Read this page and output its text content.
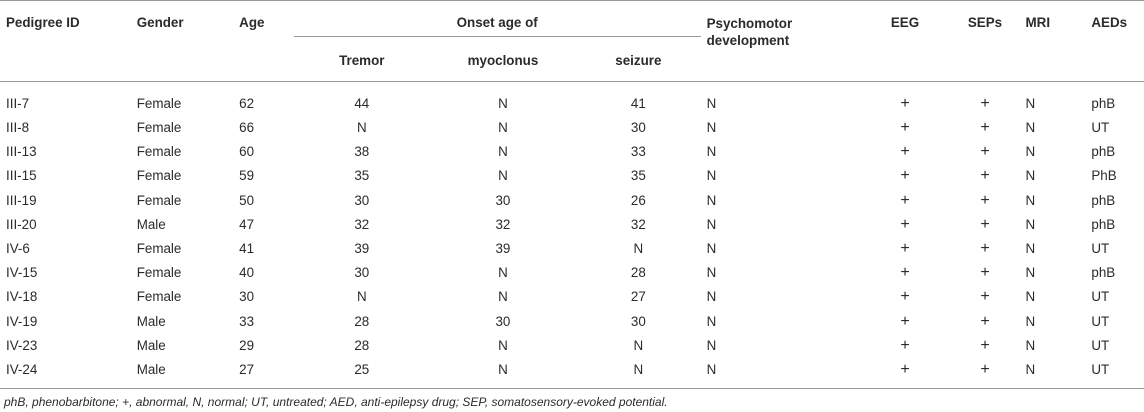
Pedigree ID	Gender	Age	Onset age of			Psychomotor development	EEG	SEPs	MRI	AEDs
			Tremor	myoclonus	seizure					
III-7	Female	62	44	N	41	N	+	+	N	phB
III-8	Female	66	N	N	30	N	+	+	N	UT
III-13	Female	60	38	N	33	N	+	+	N	phB
III-15	Female	59	35	N	35	N	+	+	N	PhB
III-19	Female	50	30	30	26	N	+	+	N	phB
III-20	Male	47	32	32	32	N	+	+	N	phB
IV-6	Female	41	39	39	N	N	+	+	N	UT
IV-15	Female	40	30	N	28	N	+	+	N	phB
IV-18	Female	30	N	N	27	N	+	+	N	UT
IV-19	Male	33	28	30	30	N	+	+	N	UT
IV-23	Male	29	28	N	N	N	+	+	N	UT
IV-24	Male	27	25	N	N	N	+	+	N	UT
phB, phenobarbitone; +, abnormal, N, normal; UT, untreated; AED, anti-epilepsy drug; SEP, somatosensory-evoked potential.
